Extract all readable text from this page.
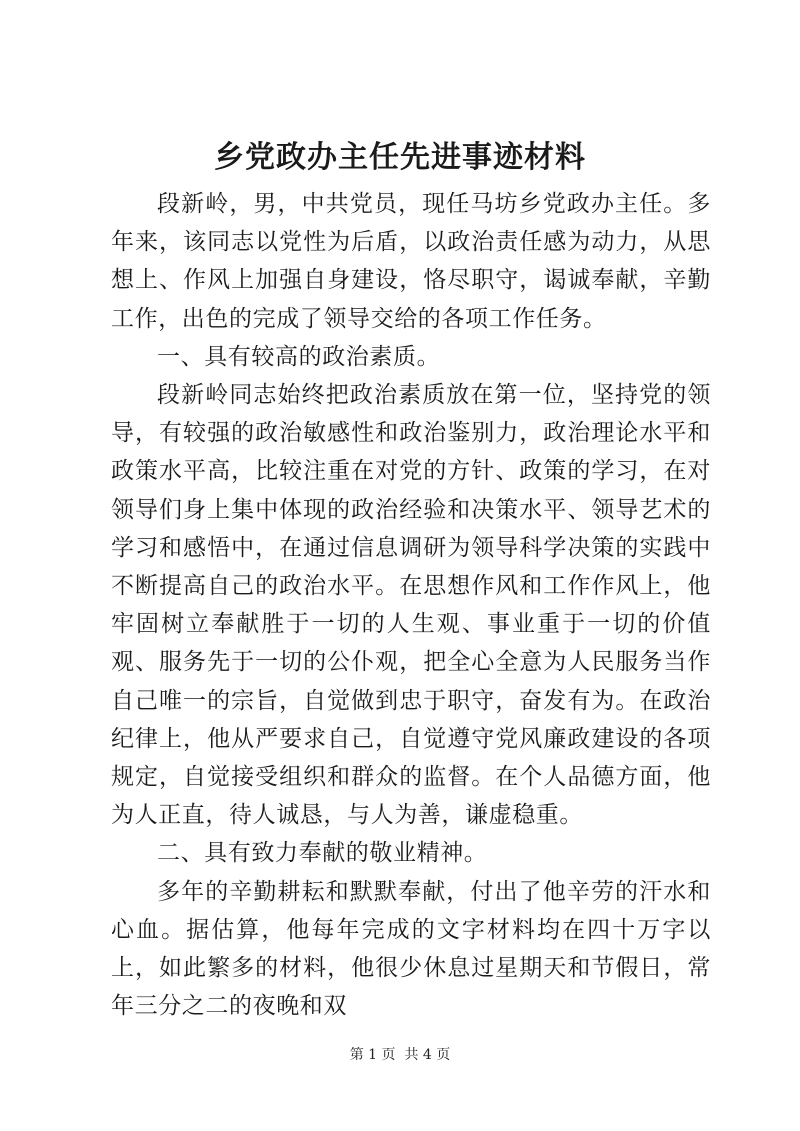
乡党政办主任先进事迹材料

段新岭，男，中共党员，现任马坊乡党政办主任。多年来，该同志以党性为后盾，以政治责任感为动力，从思想上、作风上加强自身建设，恪尽职守，谒诚奉献，辛勤工作，出色的完成了领导交给的各项工作任务。

一、具有较高的政治素质。

段新岭同志始终把政治素质放在第一位，坚持党的领导，有较强的政治敏感性和政治鉴别力，政治理论水平和政策水平高，比较注重在对党的方针、政策的学习，在对领导们身上集中体现的政治经验和决策水平、领导艺术的学习和感悟中，在通过信息调研为领导科学决策的实践中不断提高自己的政治水平。在思想作风和工作作风上，他牢固树立奉献胜于一切的人生观、事业重于一切的价值观、服务先于一切的公仆观，把全心全意为人民服务当作自己唯一的宗旨，自觉做到忠于职守，奋发有为。在政治纪律上，他从严要求自己，自觉遵守党风廉政建设的各项规定，自觉接受组织和群众的监督。在个人品德方面，他为人正直，待人诚恳，与人为善，谦虚稳重。

二、具有致力奉献的敬业精神。

多年的辛勤耕耘和默默奉献，付出了他辛劳的汗水和心血。据估算，他每年完成的文字材料均在四十万字以上，如此繁多的材料，他很少休息过星期天和节假日，常年三分之二的夜晚和双

第 1 页  共 4 页
